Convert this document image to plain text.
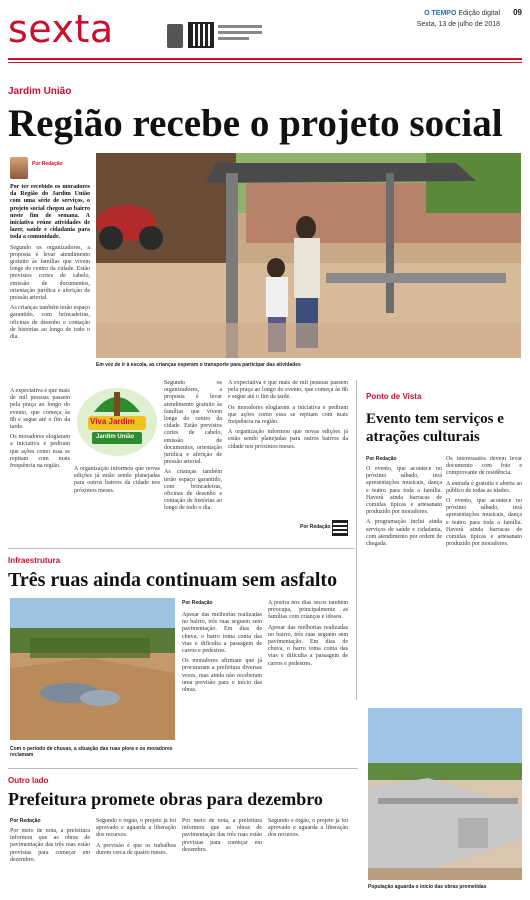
sexta	O TEMPO Edição digital
Sexta, 13 de julho de 2018
09
Jardim União
Região recebe o projeto social
Por Redação

Por ter recebido os moradores da Região do Jardim União com uma série de serviços, o projeto social chegou ao bairro neste fim de semana. A iniciativa reúne atividades de lazer, saúde e cidadania para toda a comunidade.

Segundo os organizadores, a proposta é levar atendimento gratuito às famílias que vivem longe do centro da cidade. Estão previstos cortes de cabelo, emissão de documentos, orientação jurídica e aferição de pressão arterial.

As crianças também terão espaço garantido, com brincadeiras, oficinas de desenho e contação de histórias ao longo de todo o dia.

Em vez de ir à escola, as crianças esperam o transporte para participar das atividades
Viva Jardim
Jardim União

A expectativa é que mais de mil pessoas passem pela praça ao longo do evento, que começa às 8h e segue até o fim da tarde.

Os moradores elogiaram a iniciativa e pediram que ações como essa se repitam com mais frequência na região.	A organização informou que novas edições já estão sendo planejadas para outros bairros da cidade nos próximos meses.

Segundo os organizadores, a proposta é levar atendimento gratuito às famílias que vivem longe do centro da cidade. Estão previstos cortes de cabelo, emissão de documentos, orientação jurídica e aferição de pressão arterial.

As crianças também terão espaço garantido, com brincadeiras, oficinas de desenho e contação de histórias ao longo de todo o dia.

A expectativa é que mais de mil pessoas passem pela praça ao longo do evento, que começa às 8h e segue até o fim da tarde.

Os moradores elogiaram a iniciativa e pediram que ações como essa se repitam com mais frequência na região.

A organização informou que novas edições já estão sendo planejadas para outros bairros da cidade nos próximos meses.

Por Redação
Ponto de Vista
Evento tem serviços e atrações culturais
Por Redação

O evento, que acontece no próximo sábado, terá apresentações musicais, dança e teatro para toda a família. Haverá ainda barracas de comidas típicas e artesanato produzido por moradores.

A programação inclui ainda serviços de saúde e cidadania, com atendimento por ordem de chegada.

Os interessados devem levar documento com foto e comprovante de residência.

A entrada é gratuita e aberta ao público de todas as idades.

O evento, que acontece no próximo sábado, terá apresentações musicais, dança e teatro para toda a família. Haverá ainda barracas de comidas típicas e artesanato produzido por moradores.

Infraestrutura
Três ruas ainda continuam sem asfalto
Com o período de chuvas, a situação das ruas piora e os moradores reclamam
Por Redação

Apesar das melhorias realizadas no bairro, três ruas seguem sem pavimentação. Em dias de chuva, o barro toma conta das vias e dificulta a passagem de carros e pedestres.

Os moradores afirmam que já procuraram a prefeitura diversas vezes, mas ainda não receberam uma previsão para o início das obras.

A poeira nos dias secos também preocupa, principalmente as famílias com crianças e idosos.

Apesar das melhorias realizadas no bairro, três ruas seguem sem pavimentação. Em dias de chuva, o barro toma conta das vias e dificulta a passagem de carros e pedestres.

População aguarda o início das obras prometidas
Outro lado
Prefeitura promete obras para dezembro
Por Redação

Por meio de nota, a prefeitura informou que as obras de pavimentação das três ruas estão previstas para começar em dezembro.

Segundo o órgão, o projeto já foi aprovado e aguarda a liberação dos recursos.

A previsão é que os trabalhos durem cerca de quatro meses.

Por meio de nota, a prefeitura informou que as obras de pavimentação das três ruas estão previstas para começar em dezembro.

Segundo o órgão, o projeto já foi aprovado e aguarda a liberação dos recursos.
